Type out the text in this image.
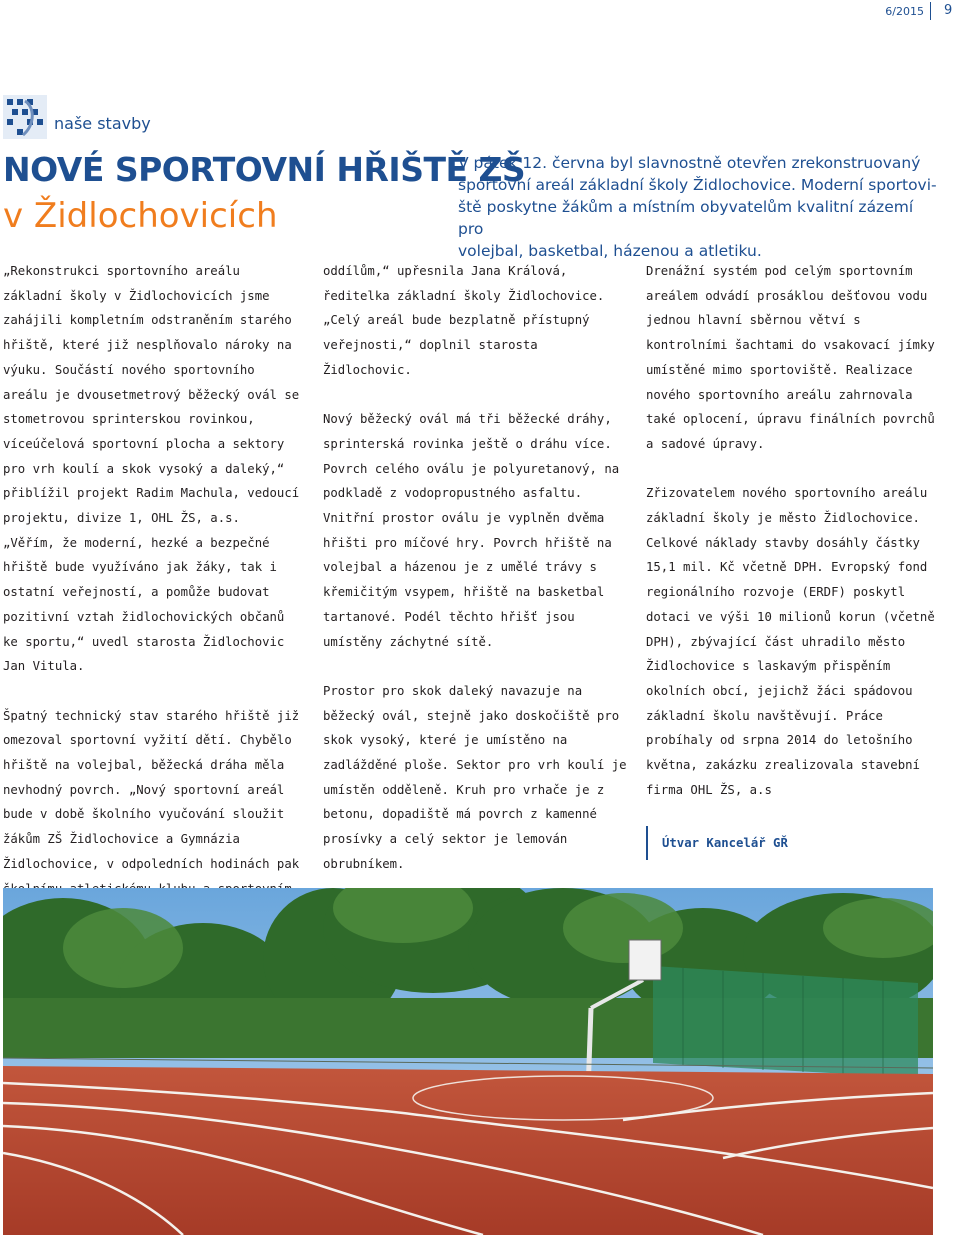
6/2015 9
naše stavby
NOVÉ SPORTOVNÍ HŘIŠTĚ ZŠ
v Židlochovicích

V pátek 12. června byl slavnostně otevřen zrekonstruovaný

sportovní areál základní školy Židlochovice. Moderní sportovi-

ště poskytne žákům a místním obyvatelům kvalitní zázemí pro

volejbal, basketbal, házenou a atletiku.

„Rekonstrukci sportovního areálu základní školy v Židlochovicích jsme zahájili kompletním odstraněním starého hřiště, které již nesplňovalo nároky na výuku. Součástí nového sportovního areálu je dvousetmetrový běžecký ovál se stometrovou sprinterskou rovinkou, víceúčelová sportovní plocha a sektory pro vrh koulí a skok vysoký a daleký,“ přiblížil projekt Radim Machula, vedoucí projektu, divize 1, OHL ŽS, a.s.

„Věřím, že moderní, hezké a bezpečné hřiště bude využíváno jak žáky, tak i ostatní veřejností, a pomůže budovat pozitivní vztah židlochovických občanů ke sportu,“ uvedl starosta Židlochovic Jan Vitula.

Špatný technický stav starého hřiště již omezoval sportovní vyžití dětí. Chybělo hřiště na volejbal, běžecká dráha měla nevhodný povrch. „Nový sportovní areál bude v době školního vyučování sloužit žákům ZŠ Židlochovice a Gymnázia Židlochovice, v odpoledních hodinách pak

oddílům,“ upřesnila Jana Králová, ředitelka základní školy Židlochovice. „Celý areál bude bezplatně přístupný veřejnosti,“ doplnil starosta Židlochovic.

Nový běžecký ovál má tři běžecké dráhy, sprinterská rovinka ještě o dráhu více. Povrch celého oválu je polyuretanový, na podkladě z vodopropustného asfaltu. Vnitřní prostor oválu je vyplněn dvěma hřišti pro míčové hry. Povrch hřiště na volejbal a házenou je z umělé trávy s křemičitým vsypem, hřiště na basketbal tartanové. Podél těchto hřišť jsou umístěny záchytné sítě.

Prostor pro skok daleký navazuje na běžecký ovál, stejně jako doskočiště pro skok vysoký, které je umístěno na zadlážděné ploše. Sektor pro vrh koulí je umístěn odděleně. Kruh pro vrhače je z betonu, dopadiště má povrch z kamenné prosívky a celý sektor je lemován obrubníkem.

Drenážní systém pod celým sportovním areálem odvádí prosáklou dešťovou vodu jednou hlavní sběrnou větví s kontrolními šachtami do vsakovací jímky umístěné mimo sportoviště. Realizace nového sportovního areálu zahrnovala také oplocení, úpravu finálních povrchů a sadové úpravy.

Zřizovatelem nového sportovního areálu základní školy je město Židlochovice. Celkové náklady stavby dosáhly částky 15,1 mil. Kč včetně DPH. Evropský fond regionálního rozvoje (ERDF) poskytl dotaci ve výši 10 milionů korun (včetně DPH), zbývající část uhradilo město Židlochovice s laskavým přispěním okolních obcí, jejichž žáci spádovou základní školu navštěvují. Práce probíhaly od srpna 2014 do letošního května, zakázku zrealizovala stavební firma OHL ŽS, a.s

Útvar Kancelář GŘ
